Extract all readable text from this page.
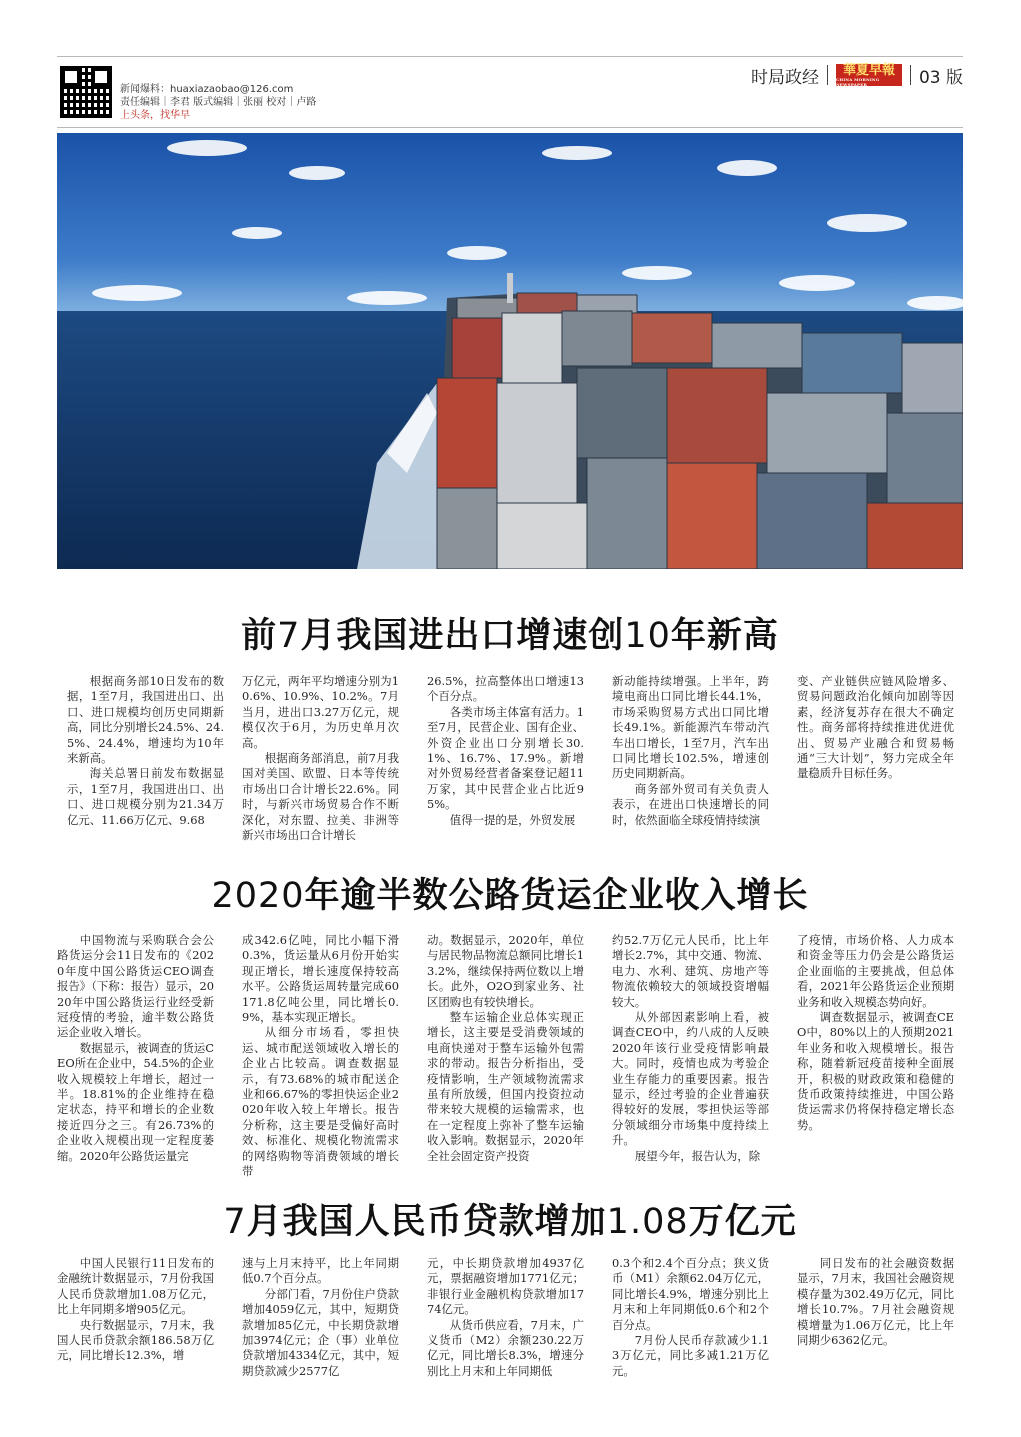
新闻爆料：huaxiazaobao@126.com
责任编辑｜李君 版式编辑｜张丽 校对｜卢路
上头条，找华早
时局政经 華夏早報
CHINA MORNING NEWSPAPER	03 版
前7月我国进出口增速创10年新高

根据商务部10日发布的数据，1至7月，我国进出口、出口、进口规模均创历史同期新高，同比分别增长24.5%、24.5%、24.4%，增速均为10年来新高。

海关总署日前发布数据显示，1至7月，我国进出口、出口、进口规模分别为21.34万亿元、11.66万亿元、9.68

万亿元，两年平均增速分别为10.6%、10.9%、10.2%。7月当月，进出口3.27万亿元，规模仅次于6月，为历史单月次高。

根据商务部消息，前7月我国对美国、欧盟、日本等传统市场出口合计增长22.6%。同时，与新兴市场贸易合作不断深化，对东盟、拉美、非洲等新兴市场出口合计增长

26.5%，拉高整体出口增速13个百分点。

各类市场主体富有活力。1至7月，民营企业、国有企业、外资企业出口分别增长30.1%、16.7%、17.9%。新增对外贸易经营者备案登记超11万家，其中民营企业占比近95%。

值得一提的是，外贸发展

新动能持续增强。上半年，跨境电商出口同比增长44.1%，市场采购贸易方式出口同比增长49.1%。新能源汽车带动汽车出口增长，1至7月，汽车出口同比增长102.5%，增速创历史同期新高。

商务部外贸司有关负责人表示，在进出口快速增长的同时，依然面临全球疫情持续演

变、产业链供应链风险增多、贸易问题政治化倾向加剧等因素，经济复苏存在很大不确定性。商务部将持续推进优进优出、贸易产业融合和贸易畅通“三大计划”，努力完成全年量稳质升目标任务。

2020年逾半数公路货运企业收入增长

中国物流与采购联合会公路货运分会11日发布的《2020年度中国公路货运CEO调查报告》（下称：报告）显示，2020年中国公路货运行业经受新冠疫情的考验，逾半数公路货运企业收入增长。

数据显示，被调查的货运CEO所在企业中，54.5%的企业收入规模较上年增长，超过一半。18.81%的企业维持在稳定状态，持平和增长的企业数接近四分之三。有26.73%的企业收入规模出现一定程度萎缩。2020年公路货运量完

成342.6亿吨，同比小幅下滑0.3%，货运量从6月份开始实现正增长，增长速度保持较高水平。公路货运周转量完成60171.8亿吨公里，同比增长0.9%，基本实现正增长。

从细分市场看，零担快运、城市配送领域收入增长的企业占比较高。调查数据显示，有73.68%的城市配送企业和66.67%的零担快运企业2020年收入较上年增长。报告分析称，这主要是受偏好高时效、标准化、规模化物流需求的网络购物等消费领域的增长带

动。数据显示，2020年，单位与居民物品物流总额同比增长13.2%，继续保持两位数以上增长。此外，O2O到家业务、社区团购也有较快增长。

整车运输企业总体实现正增长，这主要是受消费领域的电商快递对于整车运输外包需求的带动。报告分析指出，受疫情影响，生产领域物流需求虽有所放缓，但国内投资拉动带来较大规模的运输需求，也在一定程度上弥补了整车运输收入影响。数据显示，2020年全社会固定资产投资

约52.7万亿元人民币，比上年增长2.7%，其中交通、物流、电力、水利、建筑、房地产等物流依赖较大的领域投资增幅较大。

从外部因素影响上看，被调查CEO中，约八成的人反映2020年该行业受疫情影响最大。同时，疫情也成为考验企业生存能力的重要因素。报告显示，经过考验的企业普遍获得较好的发展，零担快运等部分领域细分市场集中度持续上升。

展望今年，报告认为，除

了疫情，市场价格、人力成本和资金等压力仍会是公路货运企业面临的主要挑战，但总体看，2021年公路货运企业预期业务和收入规模态势向好。

调查数据显示，被调查CEO中，80%以上的人预期2021年业务和收入规模增长。报告称，随着新冠疫苗接种全面展开，积极的财政政策和稳健的货币政策持续推进，中国公路货运需求仍将保持稳定增长态势。

7月我国人民币贷款增加1.08万亿元

中国人民银行11日发布的金融统计数据显示，7月份我国人民币贷款增加1.08万亿元，比上年同期多增905亿元。

央行数据显示，7月末，我国人民币贷款余额186.58万亿元，同比增长12.3%，增

速与上月末持平，比上年同期低0.7个百分点。

分部门看，7月份住户贷款增加4059亿元，其中，短期贷款增加85亿元，中长期贷款增加3974亿元；企（事）业单位贷款增加4334亿元，其中，短期贷款减少2577亿

元，中长期贷款增加4937亿元，票据融资增加1771亿元；非银行业金融机构贷款增加1774亿元。

从货币供应看，7月末，广义货币（M2）余额230.22万亿元，同比增长8.3%，增速分别比上月末和上年同期低

0.3个和2.4个百分点；狭义货币（M1）余额62.04万亿元，同比增长4.9%，增速分别比上月末和上年同期低0.6个和2个百分点。

7月份人民币存款减少1.13万亿元，同比多减1.21万亿元。

同日发布的社会融资数据显示，7月末，我国社会融资规模存量为302.49万亿元，同比增长10.7%。7月社会融资规模增量为1.06万亿元，比上年同期少6362亿元。
